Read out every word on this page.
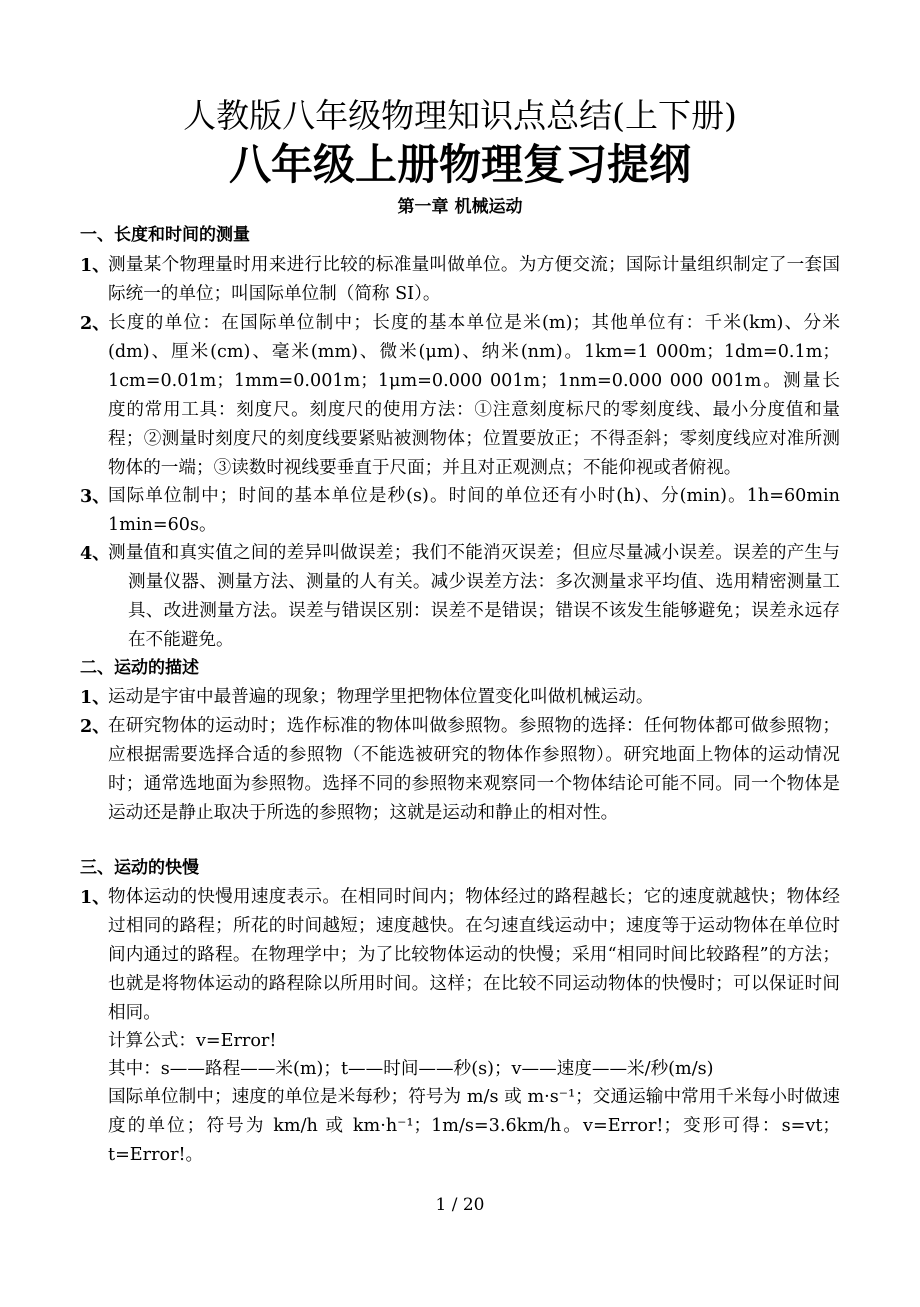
人教版八年级物理知识点总结(上下册)
八年级上册物理复习提纲
第一章 机械运动
一、长度和时间的测量
1、
测量某个物理量时用来进行比较的标准量叫做单位。为方便交流；国际计量组织制定了一套国际统一的单位；叫国际单位制（简称 SI）。
2、
长度的单位：在国际单位制中；长度的基本单位是米(m)；其他单位有：千米(km)、分米(dm)、厘米(cm)、毫米(mm)、微米(μm)、纳米(nm)。1km=1 000m；1dm=0.1m；1cm=0.01m；1mm=0.001m；1μm=0.000 001m；1nm=0.000 000 001m。测量长度的常用工具：刻度尺。刻度尺的使用方法：①注意刻度标尺的零刻度线、最小分度值和量程；②测量时刻度尺的刻度线要紧贴被测物体；位置要放正；不得歪斜；零刻度线应对准所测物体的一端；③读数时视线要垂直于尺面；并且对正观测点；不能仰视或者俯视。
3、
国际单位制中；时间的基本单位是秒(s)。时间的单位还有小时(h)、分(min)。1h=60min 1min=60s。
4、
测量值和真实值之间的差异叫做误差；我们不能消灭误差；但应尽量减小误差。误差的产生与测量仪器、测量方法、测量的人有关。减少误差方法：多次测量求平均值、选用精密测量工具、改进测量方法。误差与错误区别：误差不是错误；错误不该发生能够避免；误差永远存在不能避免。
二、运动的描述
1、
运动是宇宙中最普遍的现象；物理学里把物体位置变化叫做机械运动。
2、
在研究物体的运动时；选作标准的物体叫做参照物。参照物的选择：任何物体都可做参照物；应根据需要选择合适的参照物（不能选被研究的物体作参照物）。研究地面上物体的运动情况时；通常选地面为参照物。选择不同的参照物来观察同一个物体结论可能不同。同一个物体是运动还是静止取决于所选的参照物；这就是运动和静止的相对性。
三、运动的快慢
1、
物体运动的快慢用速度表示。在相同时间内；物体经过的路程越长；它的速度就越快；物体经过相同的路程；所花的时间越短；速度越快。在匀速直线运动中；速度等于运动物体在单位时间内通过的路程。在物理学中；为了比较物体运动的快慢；采用“相同时间比较路程”的方法；也就是将物体运动的路程除以所用时间。这样；在比较不同运动物体的快慢时；可以保证时间相同。
计算公式：v=Error!
其中：s——路程——米(m)；t——时间——秒(s)；v——速度——米/秒(m/s)
国际单位制中；速度的单位是米每秒；符号为 m/s 或 m·s⁻¹；交通运输中常用千米每小时做速度的单位；符号为 km/h 或 km·h⁻¹；1m/s=3.6km/h。v=Error!；变形可得：s=vt；t=Error!。
1 / 20
